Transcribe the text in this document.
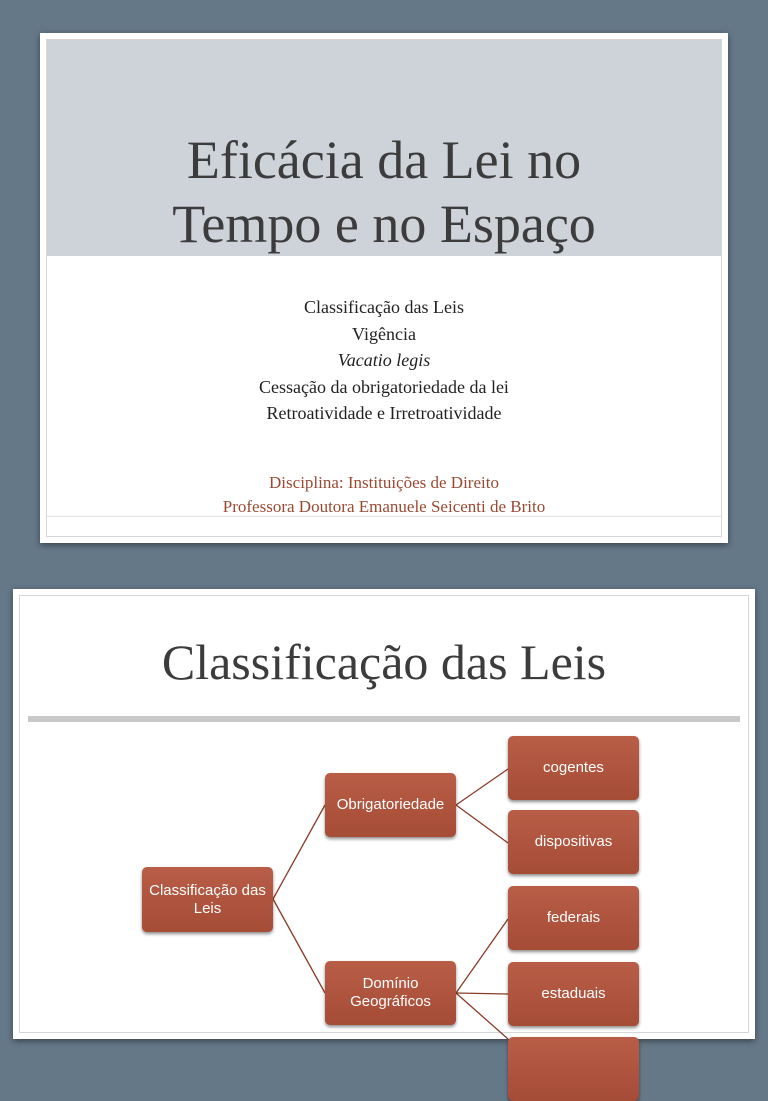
Eficácia da Lei no
Tempo e no Espaço
Classificação das Leis
Vigência
Vacatio legis
Cessação da obrigatoriedade da lei
Retroatividade e Irretroatividade
Disciplina: Instituições de Direito
Professora Doutora Emanuele Seicenti de Brito
Classificação das Leis
Classificação das Leis
Obrigatoriedade
cogentes
dispositivas
Domínio Geográficos
federais
estaduais
